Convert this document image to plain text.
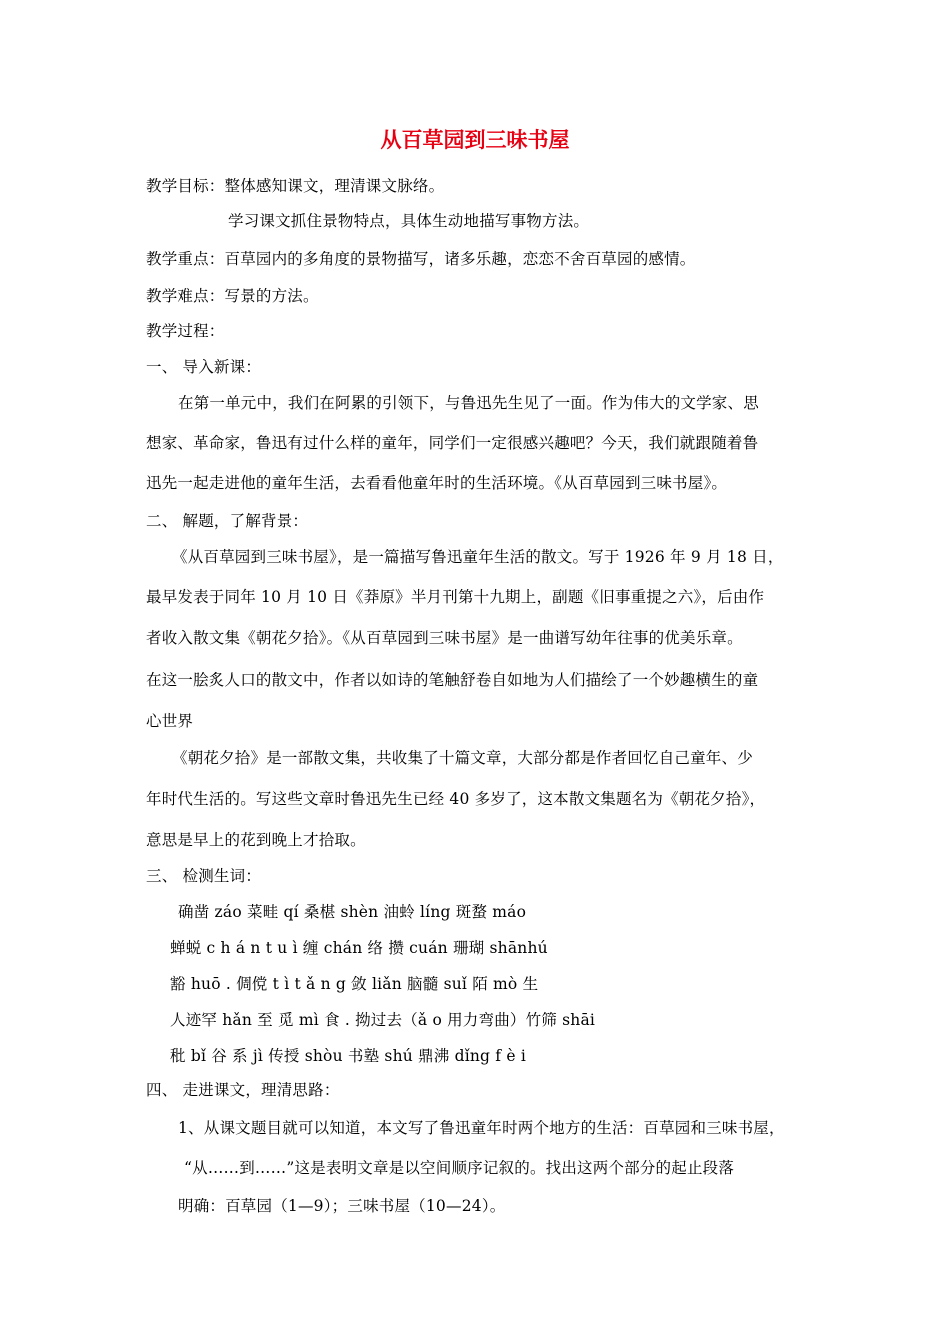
从百草园到三味书屋
教学目标：整体感知课文，理清课文脉络。
学习课文抓住景物特点，具体生动地描写事物方法。
教学重点：百草园内的多角度的景物描写，诸多乐趣，恋恋不舍百草园的感情。
教学难点：写景的方法。
教学过程：
一、 导入新课：
在第一单元中，我们在阿累的引领下，与鲁迅先生见了一面。作为伟大的文学家、思
想家、革命家，鲁迅有过什么样的童年，同学们一定很感兴趣吧？今天，我们就跟随着鲁
迅先一起走进他的童年生活，去看看他童年时的生活环境。《从百草园到三味书屋》。
二、 解题，了解背景：
《从百草园到三味书屋》，是一篇描写鲁迅童年生活的散文。写于 1926 年 9 月 18 日，
最早发表于同年 10 月 10 日《莽原》半月刊第十九期上，副题《旧事重提之六》，后由作
者收入散文集《朝花夕拾》。《从百草园到三味书屋》是一曲谱写幼年往事的优美乐章。
在这一脍炙人口的散文中，作者以如诗的笔触舒卷自如地为人们描绘了一个妙趣横生的童
心世界
《朝花夕拾》是一部散文集，共收集了十篇文章，大部分都是作者回忆自己童年、少
年时代生活的。写这些文章时鲁迅先生已经 40 多岁了，这本散文集题名为《朝花夕拾》，
意思是早上的花到晚上才拾取。
三、 检测生词：
确凿 záo 菜畦 qí 桑椹 shèn 油蛉 líng 斑蝥 máo
蝉蜕 c h á n t u ì 缠 chán 络 攒 cuán 珊瑚 shānhú
豁 huō . 倜傥 t ì t ǎ n g 敛 liǎn 脑髓 suǐ 陌 mò 生
人迹罕 hǎn 至 觅 mì 食 . 拗过去（ǎ o 用力弯曲）竹筛 shāi
秕 bǐ 谷 系 jì 传授 shòu 书塾 shú 鼎沸 dǐng f è i
四、 走进课文，理清思路：
1、从课文题目就可以知道，本文写了鲁迅童年时两个地方的生活：百草园和三味书屋，
“从……到……”这是表明文章是以空间顺序记叙的。找出这两个部分的起止段落
明确：百草园（1—9）；三味书屋（10—24）。
